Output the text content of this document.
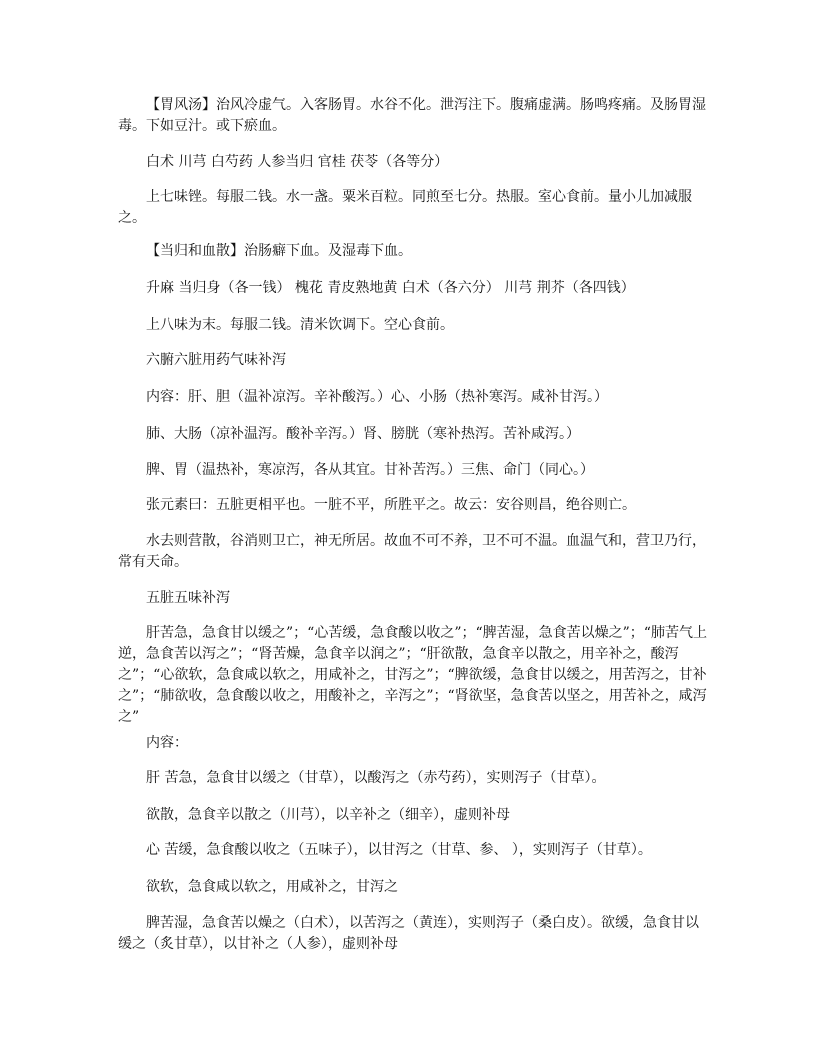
【胃风汤】治风冷虚气。入客肠胃。水谷不化。泄泻注下。腹痛虚满。肠鸣疼痛。及肠胃湿毒。下如豆汁。或下瘀血。

白术 川芎 白芍药 人参当归 官桂 茯苓（各等分）

上七味锉。每服二钱。水一盏。粟米百粒。同煎至七分。热服。室心食前。量小儿加减服之。

【当归和血散】治肠癖下血。及湿毒下血。

升麻 当归身（各一钱） 槐花 青皮熟地黄 白术（各六分） 川芎 荆芥（各四钱）

上八味为末。每服二钱。清米饮调下。空心食前。

六腑六脏用药气味补泻

内容：肝、胆（温补凉泻。辛补酸泻。）心、小肠（热补寒泻。咸补甘泻。）

肺、大肠（凉补温泻。酸补辛泻。）肾、膀胱（寒补热泻。苦补咸泻。）

脾、胃（温热补，寒凉泻，各从其宜。甘补苦泻。）三焦、命门（同心。）

张元素曰：五脏更相平也。一脏不平，所胜平之。故云：安谷则昌，绝谷则亡。

水去则营散，谷消则卫亡，神无所居。故血不可不养，卫不可不温。血温气和，营卫乃行，常有天命。

五脏五味补泻

肝苦急，急食甘以缓之”；“心苦缓，急食酸以收之”；“脾苦湿，急食苦以燥之”；“肺苦气上逆，急食苦以泻之”；“肾苦燥，急食辛以润之”；“肝欲散，急食辛以散之，用辛补之，酸泻之”；“心欲软，急食咸以软之，用咸补之，甘泻之”；“脾欲缓，急食甘以缓之，用苦泻之，甘补之”；“肺欲收，急食酸以收之，用酸补之，辛泻之”；“肾欲坚，急食苦以坚之，用苦补之，咸泻之”

内容：

肝 苦急，急食甘以缓之（甘草），以酸泻之（赤芍药），实则泻子（甘草）。

欲散，急食辛以散之（川芎），以辛补之（细辛），虚则补母

心 苦缓，急食酸以收之（五味子），以甘泻之（甘草、参、 ），实则泻子（甘草）。

欲软，急食咸以软之，用咸补之，甘泻之

脾苦湿，急食苦以燥之（白术），以苦泻之（黄连），实则泻子（桑白皮）。欲缓，急食甘以缓之（炙甘草），以甘补之（人参），虚则补母
